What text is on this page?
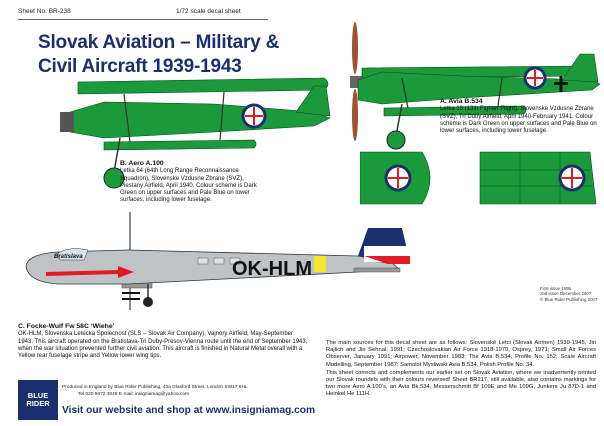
Sheet No. BR-238	1/72 scale decal sheet
Slovak Aviation – Military &
Civil Aircraft 1939-1943
A. Avia B.534
Letka 13 (13th Fighter Flight), Slovenske Vzdusne Zbrane (SVZ), Tri Duby Airfield, April 1940-February 1941. Colour scheme is Dark Green on upper surfaces and Pale Blue on lower surfaces, including lower fuselage.
B. Aero A.100
Letka 64 (64th Long Range Reconnaissance Squadron), Slovenske Vzdusne Zbrane (SVZ), Piestany Airfield, April 1940. Colour scheme is Dark Green on upper surfaces and Pale Blue on lower surfaces, including lower fuselage.
OK-HLM
Bratislava
First issue 1995
2nd issue December 2007
© Blue Rider Publishing 2007
C. Focke-Wulf Fw 58C ‘Wiehe’
OK-HLM, Slovenska Letecka Spolecnost (SLS – Slovak Air Company), Vajnory Airfield, May-September 1943. This aircraft operated on the Bratislava-Tri Duby-Presov-Vienna route until the end of September 1943, when the war situation prevented further civil aviation. This aircraft is finished in Natural Metal overall with a Yellow rear fuselage stripe and Yellow lower wing tips.
The main sources for this decal sheet are as follows: Slovenské Letci (Slovak Airmen) 1939-1945, Jiri Rajlich and Jiri Sehnal, 1991; Czechoslovakian Air Force 1918-1970, Osprey, 1971; Small Air Forces Observer, January 1991; Airpower, November 1983; The Avia B.534, Profile No. 152; Scale Aircraft Modelling, September 1987; Samolot Mysliwski Avia B.534, Polish Profile No. 34.
This sheet corrects and complements our earlier set on Slovak Aviation, where we inadvertently printed our Slovak roundels with their colours reversed! Sheet BR217, still available, also contains markings for two more Aero A.100’s, an Avia Bk.534, Messerschmitt Bf 109E and Me 109G, Junkers Ju 87D-1 and Heinkel He 111H.
BLUE
RIDER
Produced in England by Blue Rider Publishing, 43a Glasford Street, London SW17 9HL
Tel 020 8672 3049 E-mail: insigniamag@yahoo.com
Visit our website and shop at www.insigniamag.com
